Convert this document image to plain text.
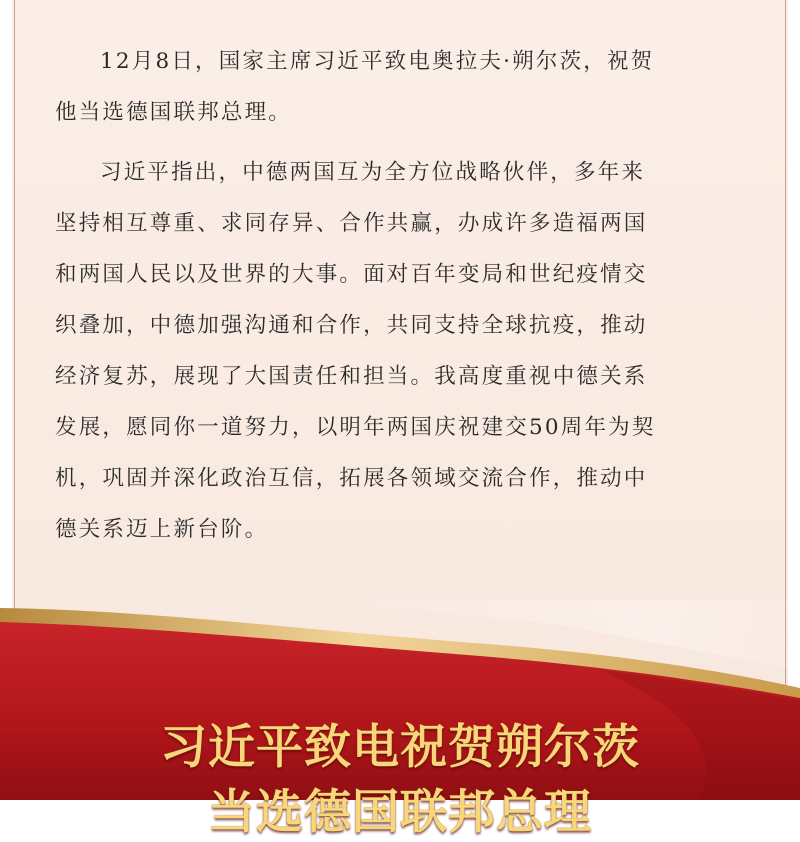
12月8日，国家主席习近平致电奥拉夫·朔尔茨，祝贺
他当选德国联邦总理。
习近平指出，中德两国互为全方位战略伙伴，多年来
坚持相互尊重、求同存异、合作共赢，办成许多造福两国
和两国人民以及世界的大事。面对百年变局和世纪疫情交
织叠加，中德加强沟通和合作，共同支持全球抗疫，推动
经济复苏，展现了大国责任和担当。我高度重视中德关系
发展，愿同你一道努力，以明年两国庆祝建交50周年为契
机，巩固并深化政治互信，拓展各领域交流合作，推动中
德关系迈上新台阶。
习近平致电祝贺朔尔茨
当选德国联邦总理
